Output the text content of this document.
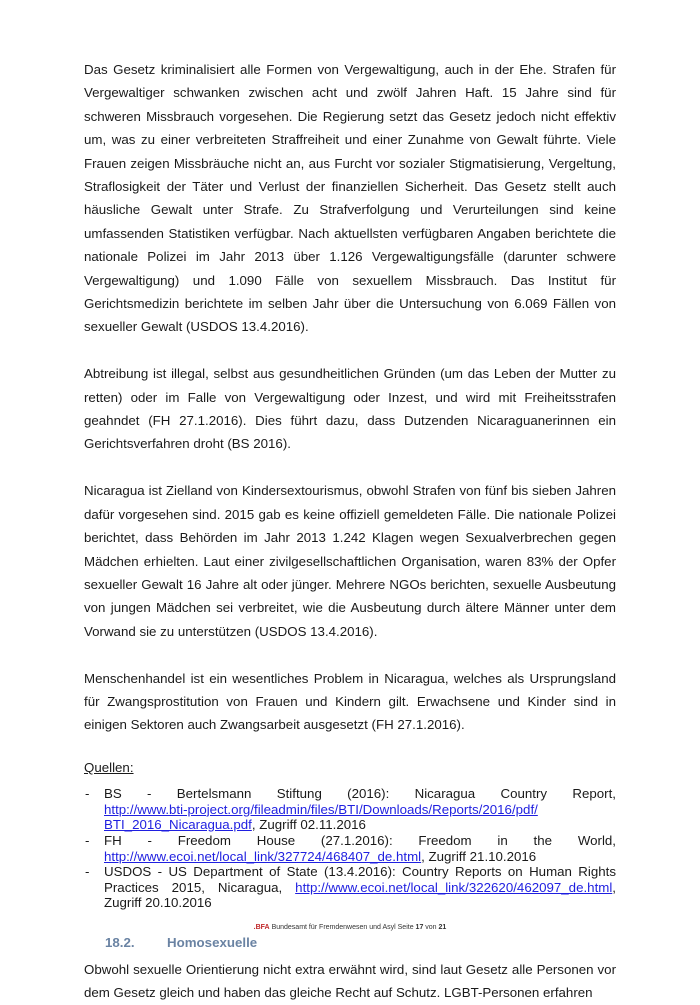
Das Gesetz kriminalisiert alle Formen von Vergewaltigung, auch in der Ehe. Strafen für Vergewaltiger schwanken zwischen acht und zwölf Jahren Haft. 15 Jahre sind für schweren Missbrauch vorgesehen. Die Regierung setzt das Gesetz jedoch nicht effektiv um, was zu einer verbreiteten Straffreiheit und einer Zunahme von Gewalt führte. Viele Frauen zeigen Missbräuche nicht an, aus Furcht vor sozialer Stigmatisierung, Vergeltung, Straflosigkeit der Täter und Verlust der finanziellen Sicherheit. Das Gesetz stellt auch häusliche Gewalt unter Strafe. Zu Strafverfolgung und Verurteilungen sind keine umfassenden Statistiken verfügbar. Nach aktuellsten verfügbaren Angaben berichtete die nationale Polizei im Jahr 2013 über 1.126 Vergewaltigungsfälle (darunter schwere Vergewaltigung) und 1.090 Fälle von sexuellem Missbrauch. Das Institut für Gerichtsmedizin berichtete im selben Jahr über die Untersuchung von 6.069 Fällen von sexueller Gewalt (USDOS 13.4.2016).

Abtreibung ist illegal, selbst aus gesundheitlichen Gründen (um das Leben der Mutter zu retten) oder im Falle von Vergewaltigung oder Inzest, und wird mit Freiheitsstrafen geahndet (FH 27.1.2016). Dies führt dazu, dass Dutzenden Nicaraguanerinnen ein Gerichtsverfahren droht (BS 2016).

Nicaragua ist Zielland von Kindersextourismus, obwohl Strafen von fünf bis sieben Jahren dafür vorgesehen sind. 2015 gab es keine offiziell gemeldeten Fälle. Die nationale Polizei berichtet, dass Behörden im Jahr 2013 1.242 Klagen wegen Sexualverbrechen gegen Mädchen erhielten. Laut einer zivilgesellschaftlichen Organisation, waren 83% der Opfer sexueller Gewalt 16 Jahre alt oder jünger. Mehrere NGOs berichten, sexuelle Ausbeutung von jungen Mädchen sei verbreitet, wie die Ausbeutung durch ältere Männer unter dem Vorwand sie zu unterstützen (USDOS 13.4.2016).

Menschenhandel ist ein wesentliches Problem in Nicaragua, welches als Ursprungsland für Zwangsprostitution von Frauen und Kindern gilt. Erwachsene und Kinder sind in einigen Sektoren auch Zwangsarbeit ausgesetzt (FH 27.1.2016).

Quellen:

- BS - Bertelsmann Stiftung (2016): Nicaragua Country Report,
http://www.bti-project.org/fileadmin/files/BTI/Downloads/Reports/2016/pdf/
BTI_2016_Nicaragua.pdf, Zugriff 02.11.2016
- FH - Freedom House (27.1.2016): Freedom in the World,
http://www.ecoi.net/local_link/327724/468407_de.html, Zugriff 21.10.2016
- USDOS - US Department of State (13.4.2016): Country Reports on Human Rights Practices 2015, Nicaragua, http://www.ecoi.net/local_link/322620/462097_de.html, Zugriff 20.10.2016
18.2. Homosexuelle

Obwohl sexuelle Orientierung nicht extra erwähnt wird, sind laut Gesetz alle Personen vor dem Gesetz gleich und haben das gleiche Recht auf Schutz. LGBT-Personen erfahren

.BFA Bundesamt für Fremdenwesen und Asyl Seite 17 von 21
